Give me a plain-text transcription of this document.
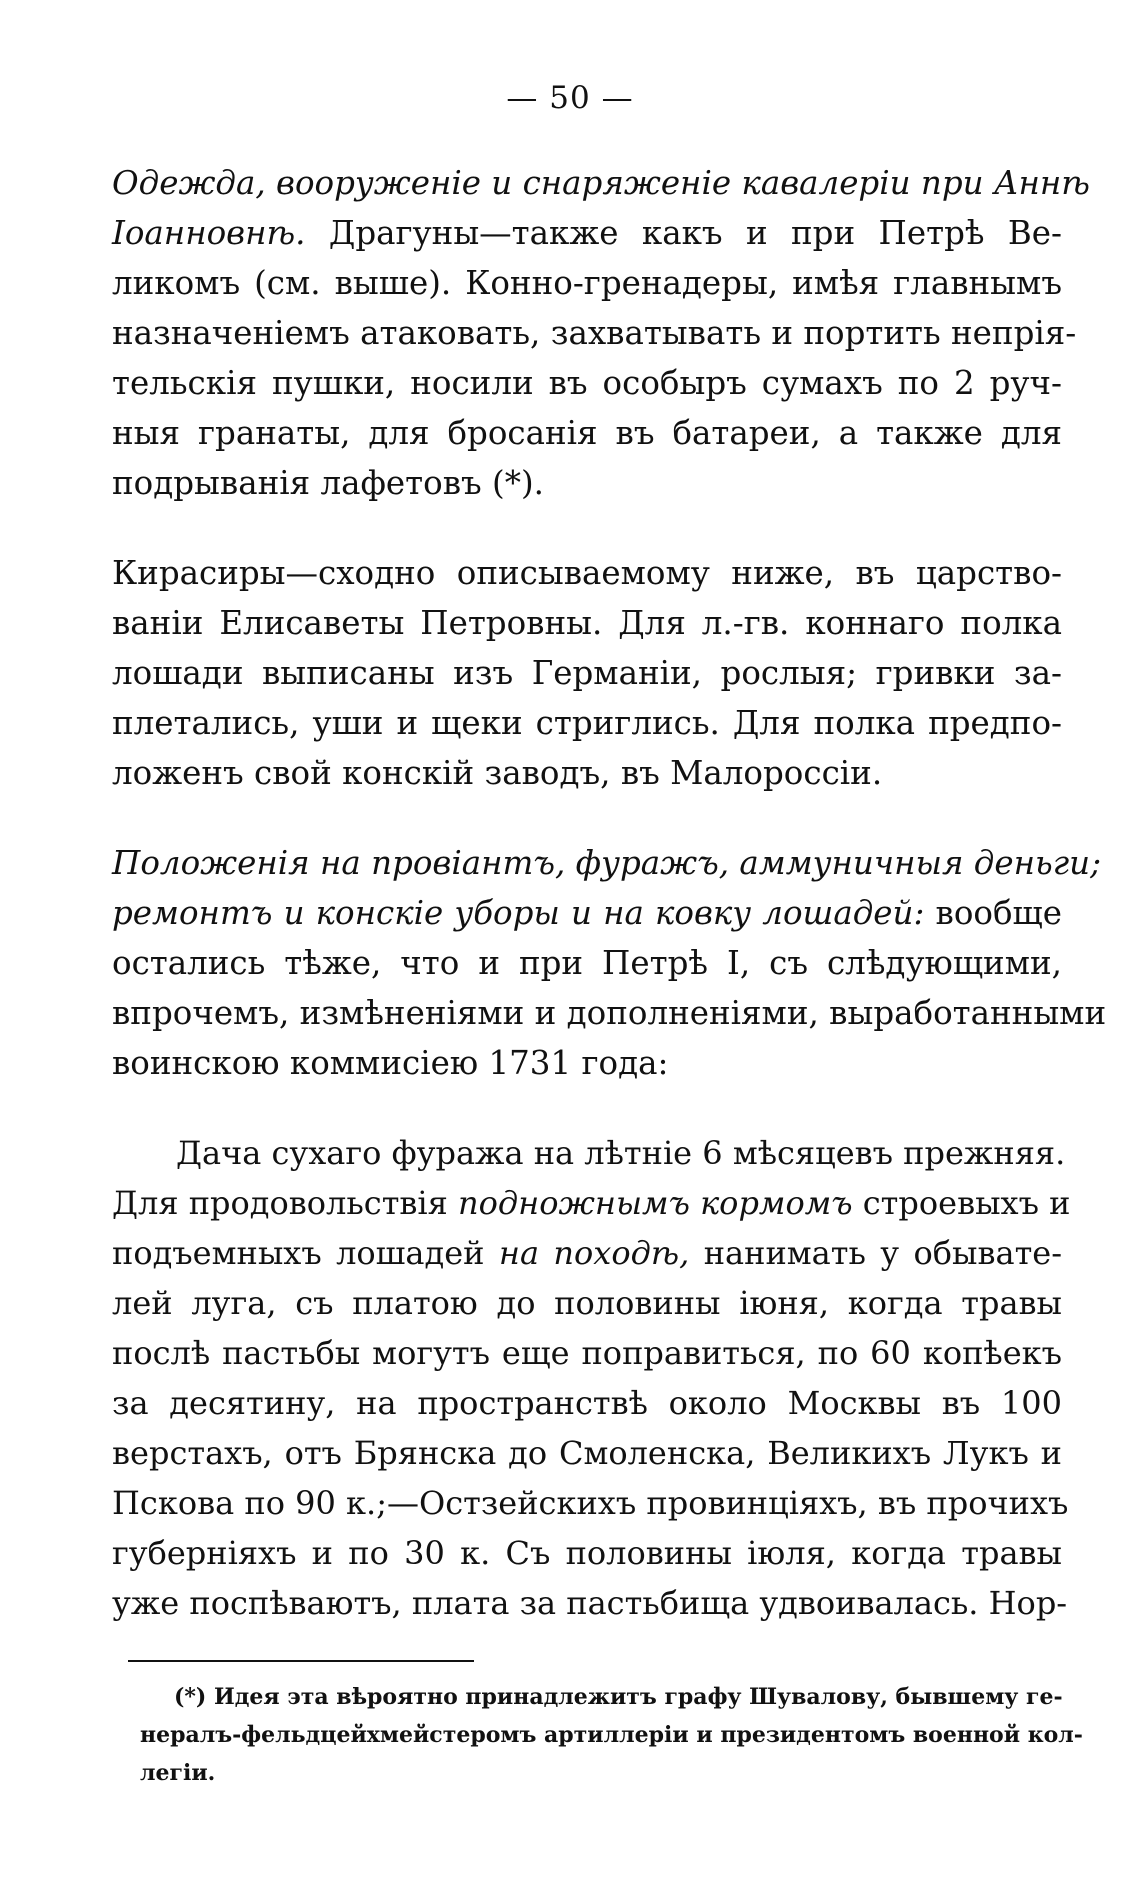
— 50 —
Одежда, вооруженіе и снаряженіе кавалеріи при Аннѣ
Іоанновнѣ. Драгуны—также какъ и при Петрѣ Ве-
ликомъ (см. выше). Конно-гренадеры, имѣя главнымъ
назначеніемъ атаковать, захватывать и портить непрія-
тельскія пушки, носили въ особыръ сумахъ по 2 руч-
ныя гранаты, для бросанія въ батареи, а также для
подрыванія лафетовъ (*).
Кирасиры—сходно описываемому ниже, въ царство-
ваніи Елисаветы Петровны. Для л.-гв. коннаго полка
лошади выписаны изъ Германіи, рослыя; гривки за-
плетались, уши и щеки стриглись. Для полка предпо-
ложенъ свой конскій заводъ, въ Малороссіи.
Положенія на провіантъ, фуражъ, аммуничныя деньги;
ремонтъ и конскіе уборы и на ковку лошадей: вообще
остались тѣже, что и при Петрѣ I, съ слѣдующими,
впрочемъ, измѣненіями и дополненіями, выработанными
воинскою коммисіею 1731 года:
Дача сухаго фуража на лѣтніе 6 мѣсяцевъ прежняя.
Для продовольствія подножнымъ кормомъ строевыхъ и
подъемныхъ лошадей на походѣ, нанимать у обывате-
лей луга, съ платою до половины іюня, когда травы
послѣ пастьбы могутъ еще поправиться, по 60 копѣекъ
за десятину, на пространствѣ около Москвы въ 100
верстахъ, отъ Брянска до Смоленска, Великихъ Лукъ и
Пскова по 90 к.;—Остзейскихъ провинціяхъ, въ прочихъ
губерніяхъ и по 30 к. Съ половины іюля, когда травы
уже поспѣваютъ, плата за пастьбища удвоивалась. Нор-
(*) Идея эта вѣроятно принадлежитъ графу Шувалову, бывшему ге-
нералъ-фельдцейхмейстеромъ артиллеріи и президентомъ военной кол-
легіи.
